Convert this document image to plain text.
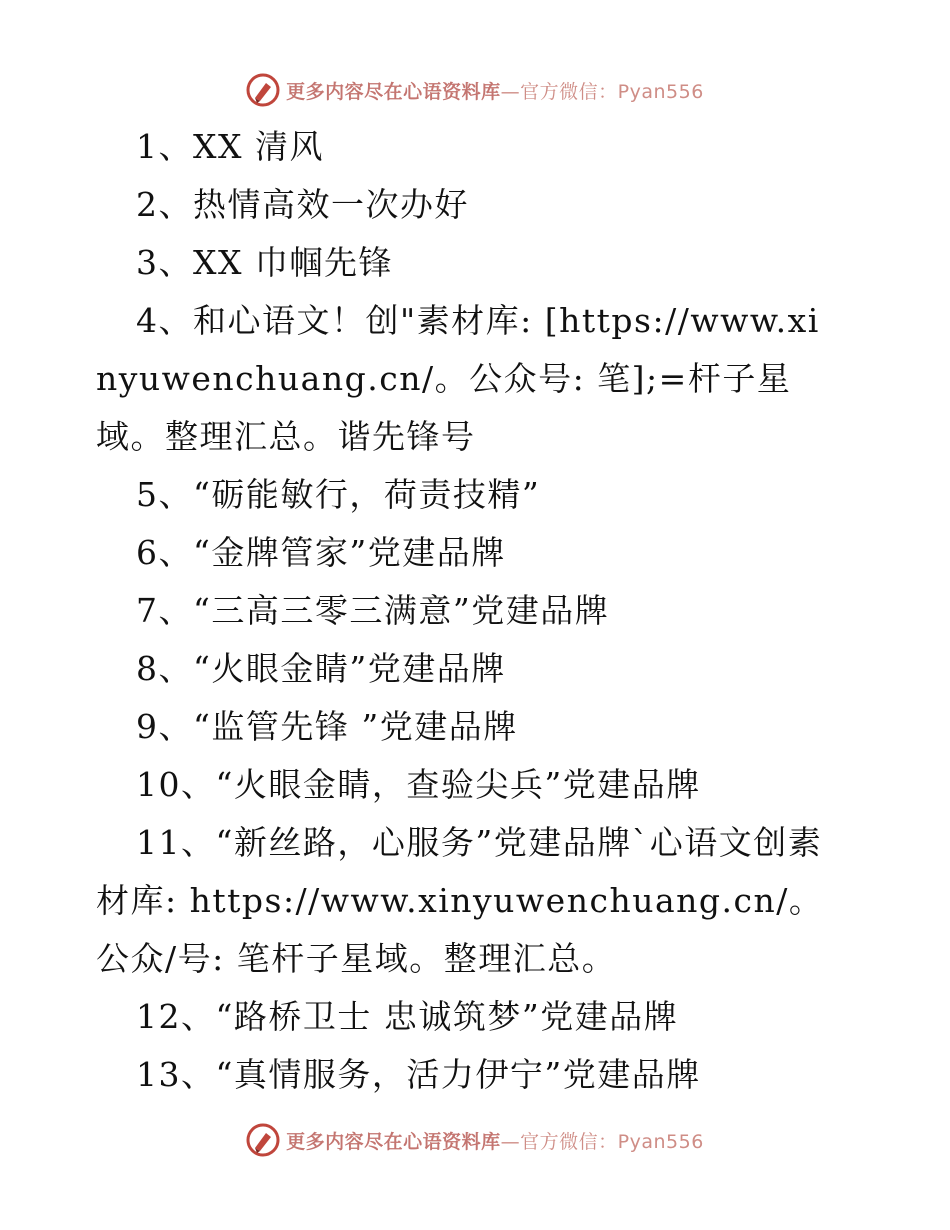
更多内容尽在心语资料库—官方微信：Pyan556

1、XX 清风

2、热情高效一次办好

3、XX 巾帼先锋

4、和心语文！创"素材库: [https://www.xinyuwenchuang.cn/。公众号: 笔];=杆子星域。整理汇总。谐先锋号

5、“砺能敏行，荷责技精”

6、“金牌管家”党建品牌

7、“三高三零三满意”党建品牌

8、“火眼金睛”党建品牌

9、“监管先锋 ”党建品牌

10、“火眼金睛，查验尖兵”党建品牌

11、“新丝路，心服务”党建品牌`心语文创素材库: https://www.xinyuwenchuang.cn/。公众/号: 笔杆子星域。整理汇总。

12、“路桥卫士 忠诚筑梦”党建品牌

13、“真情服务，活力伊宁”党建品牌

更多内容尽在心语资料库—官方微信：Pyan556
